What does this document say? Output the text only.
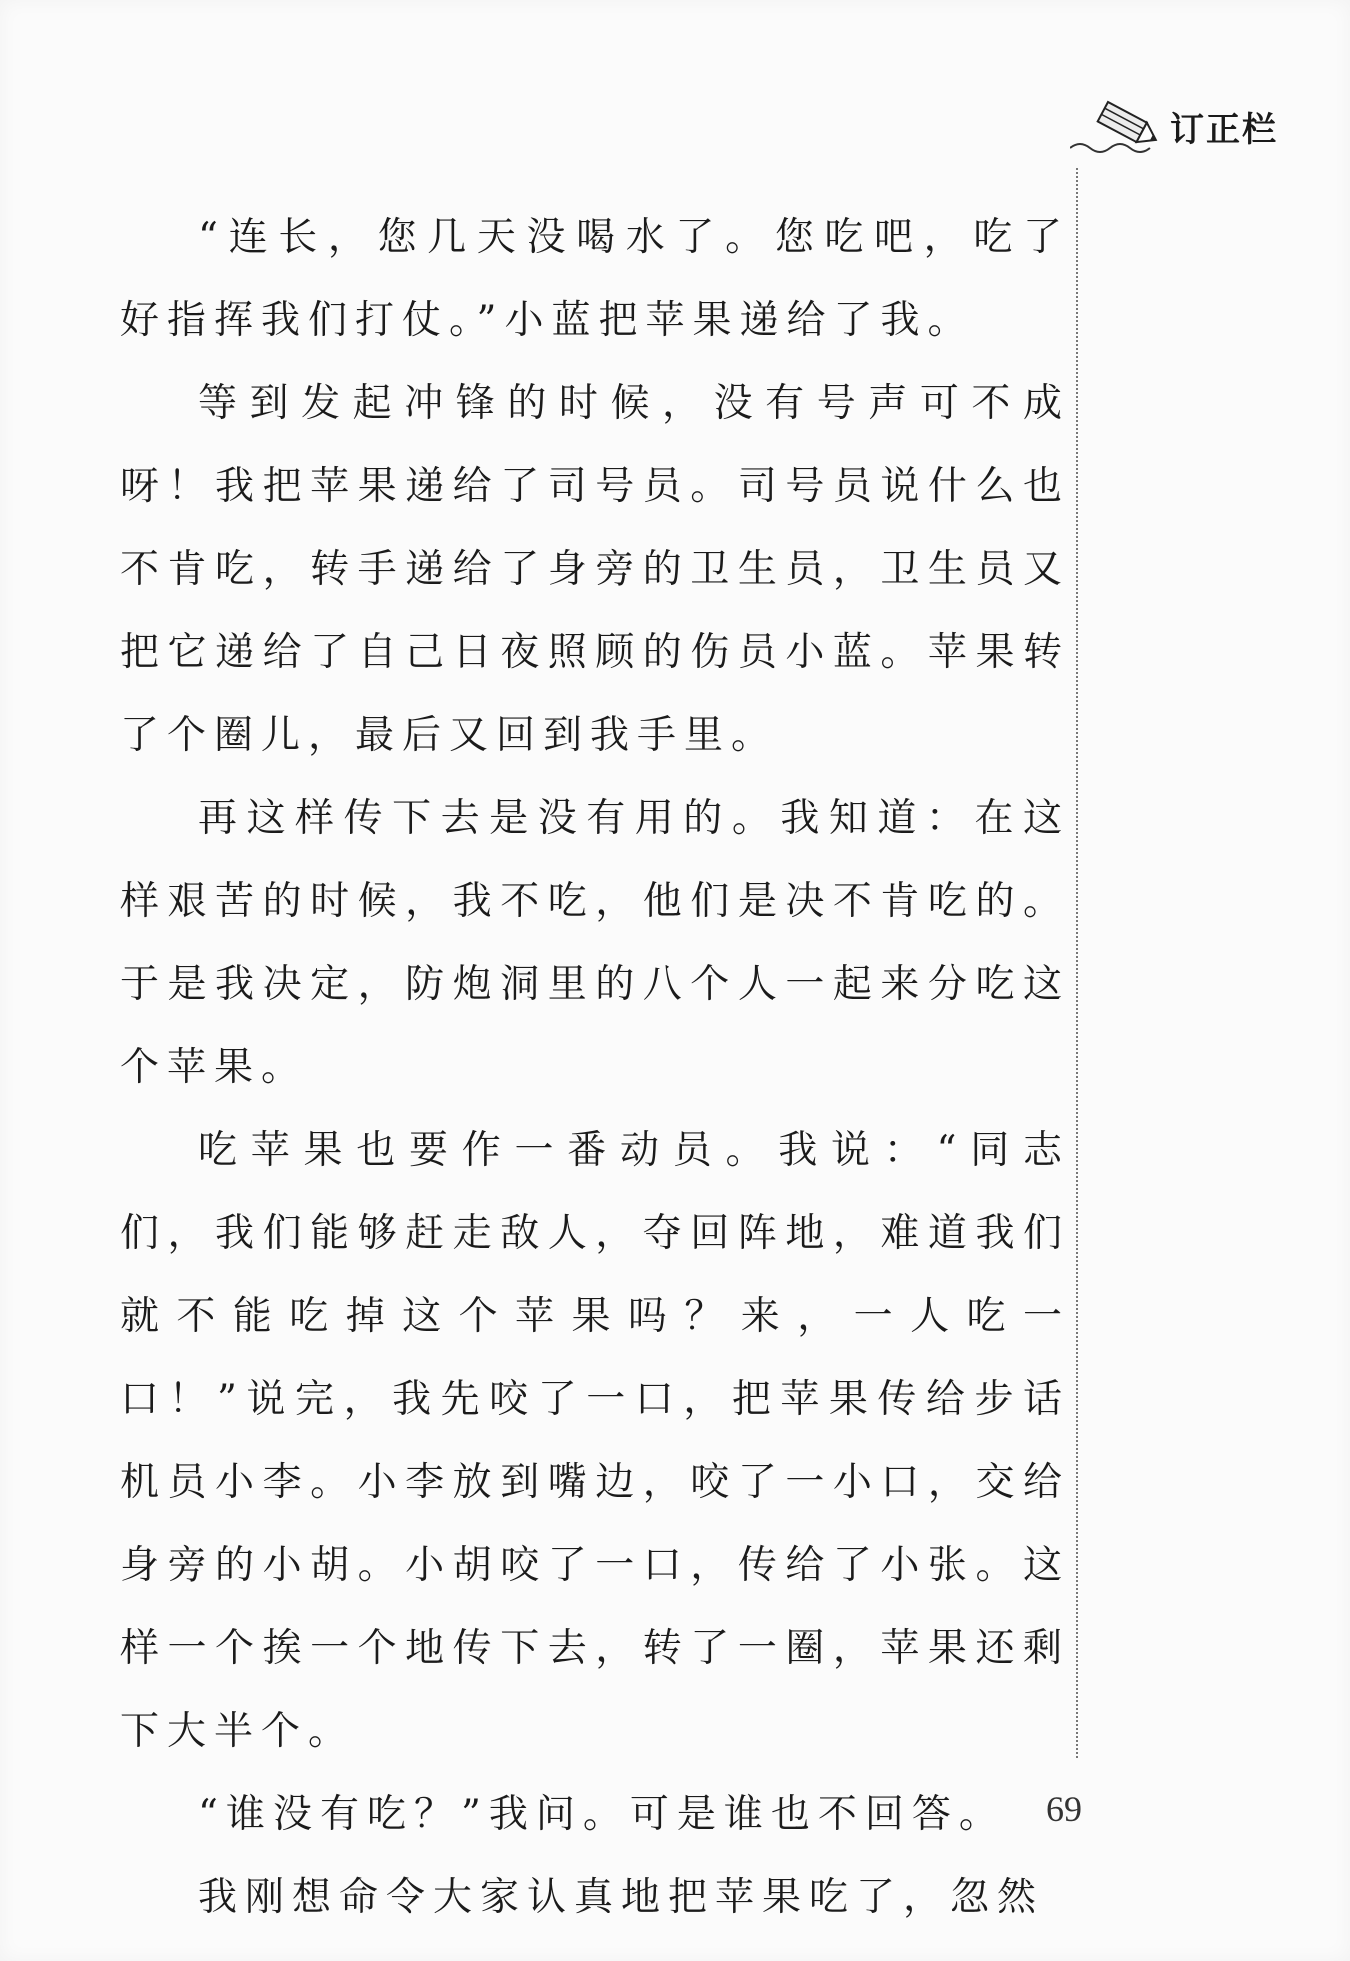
订正栏

“连长，您几天没喝水了。您吃吧，吃了好指挥我们打仗。”小蓝把苹果递给了我。

等到发起冲锋的时候，没有号声可不成呀！我把苹果递给了司号员。司号员说什么也不肯吃，转手递给了身旁的卫生员，卫生员又把它递给了自己日夜照顾的伤员小蓝。苹果转了个圈儿，最后又回到我手里。

再这样传下去是没有用的。我知道：在这样艰苦的时候，我不吃，他们是决不肯吃的。于是我决定，防炮洞里的八个人一起来分吃这个苹果。

吃苹果也要作一番动员。我说：“同志们，我们能够赶走敌人，夺回阵地，难道我们就不能吃掉这个苹果吗？来，一人吃一口！”说完，我先咬了一口，把苹果传给步话机员小李。小李放到嘴边，咬了一小口，交给身旁的小胡。小胡咬了一口，传给了小张。这样一个挨一个地传下去，转了一圈，苹果还剩下大半个。

“谁没有吃？”我问。可是谁也不回答。

我刚想命令大家认真地把苹果吃了，忽然

69
